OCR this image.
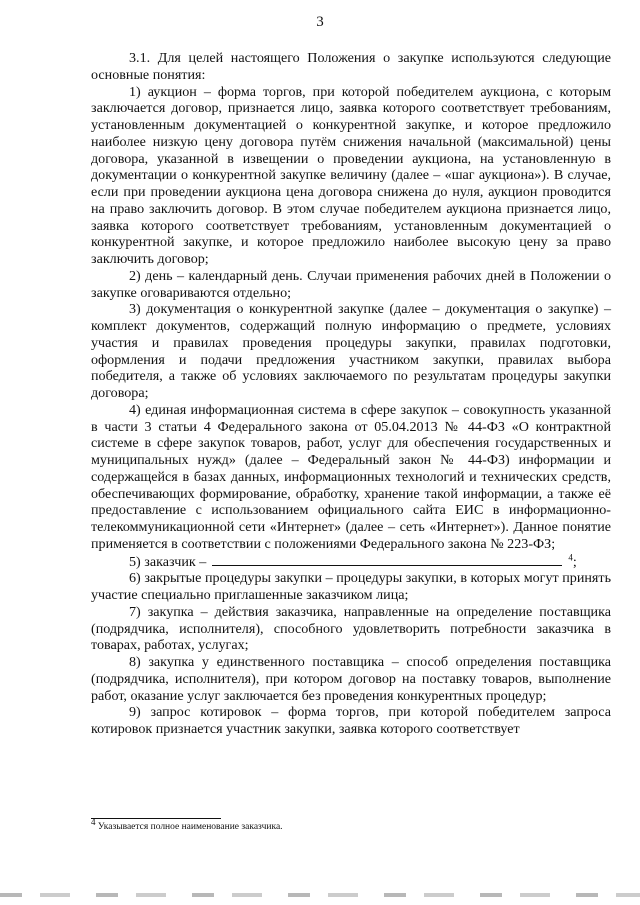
3

3.1. Для целей настоящего Положения о закупке используются следующие основные понятия:

1) аукцион – форма торгов, при которой победителем аукциона, с которым заключается договор, признается лицо, заявка которого соответствует требованиям, установленным документацией о конкурентной закупке, и которое предложило наиболее низкую цену договора путём снижения начальной (максимальной) цены договора, указанной в извещении о проведении аукциона, на установленную в документации о конкурентной закупке величину (далее – «шаг аукциона»). В случае, если при проведении аукциона цена договора снижена до нуля, аукцион проводится на право заключить договор. В этом случае победителем аукциона признается лицо, заявка которого соответствует требованиям, установленным документацией о конкурентной закупке, и которое предложило наиболее высокую цену за право заключить договор;

2) день – календарный день. Случаи применения рабочих дней в Положении о закупке оговариваются отдельно;

3) документация о конкурентной закупке (далее – документация о закупке) – комплект документов, содержащий полную информацию о предмете, условиях участия и правилах проведения процедуры закупки, правилах подготовки, оформления и подачи предложения участником закупки, правилах выбора победителя, а также об условиях заключаемого по результатам процедуры закупки договора;

4) единая информационная система в сфере закупок – совокупность указанной в части 3 статьи 4 Федерального закона от 05.04.2013 № 44-ФЗ «О контрактной системе в сфере закупок товаров, работ, услуг для обеспечения государственных и муниципальных нужд» (далее – Федеральный закон № 44-ФЗ) информации и содержащейся в базах данных, информационных технологий и технических средств, обеспечивающих формирование, обработку, хранение такой информации, а также её предоставление с использованием официального сайта ЕИС в информационно-телекоммуникационной сети «Интернет» (далее – сеть «Интернет»). Данное понятие применяется в соответствии с положениями Федерального закона № 223-ФЗ;

5) заказчик –	$^4$;

6) закрытые процедуры закупки – процедуры закупки, в которых могут принять участие специально приглашенные заказчиком лица;

7) закупка – действия заказчика, направленные на определение поставщика (подрядчика, исполнителя), способного удовлетворить потребности заказчика в товарах, работах, услугах;

8) закупка у единственного поставщика – способ определения поставщика (подрядчика, исполнителя), при котором договор на поставку товаров, выполнение работ, оказание услуг заключается без проведения конкурентных процедур;

9) запрос котировок – форма торгов, при которой победителем запроса котировок признается участник закупки, заявка которого соответствует

4 Указывается полное наименование заказчика.
